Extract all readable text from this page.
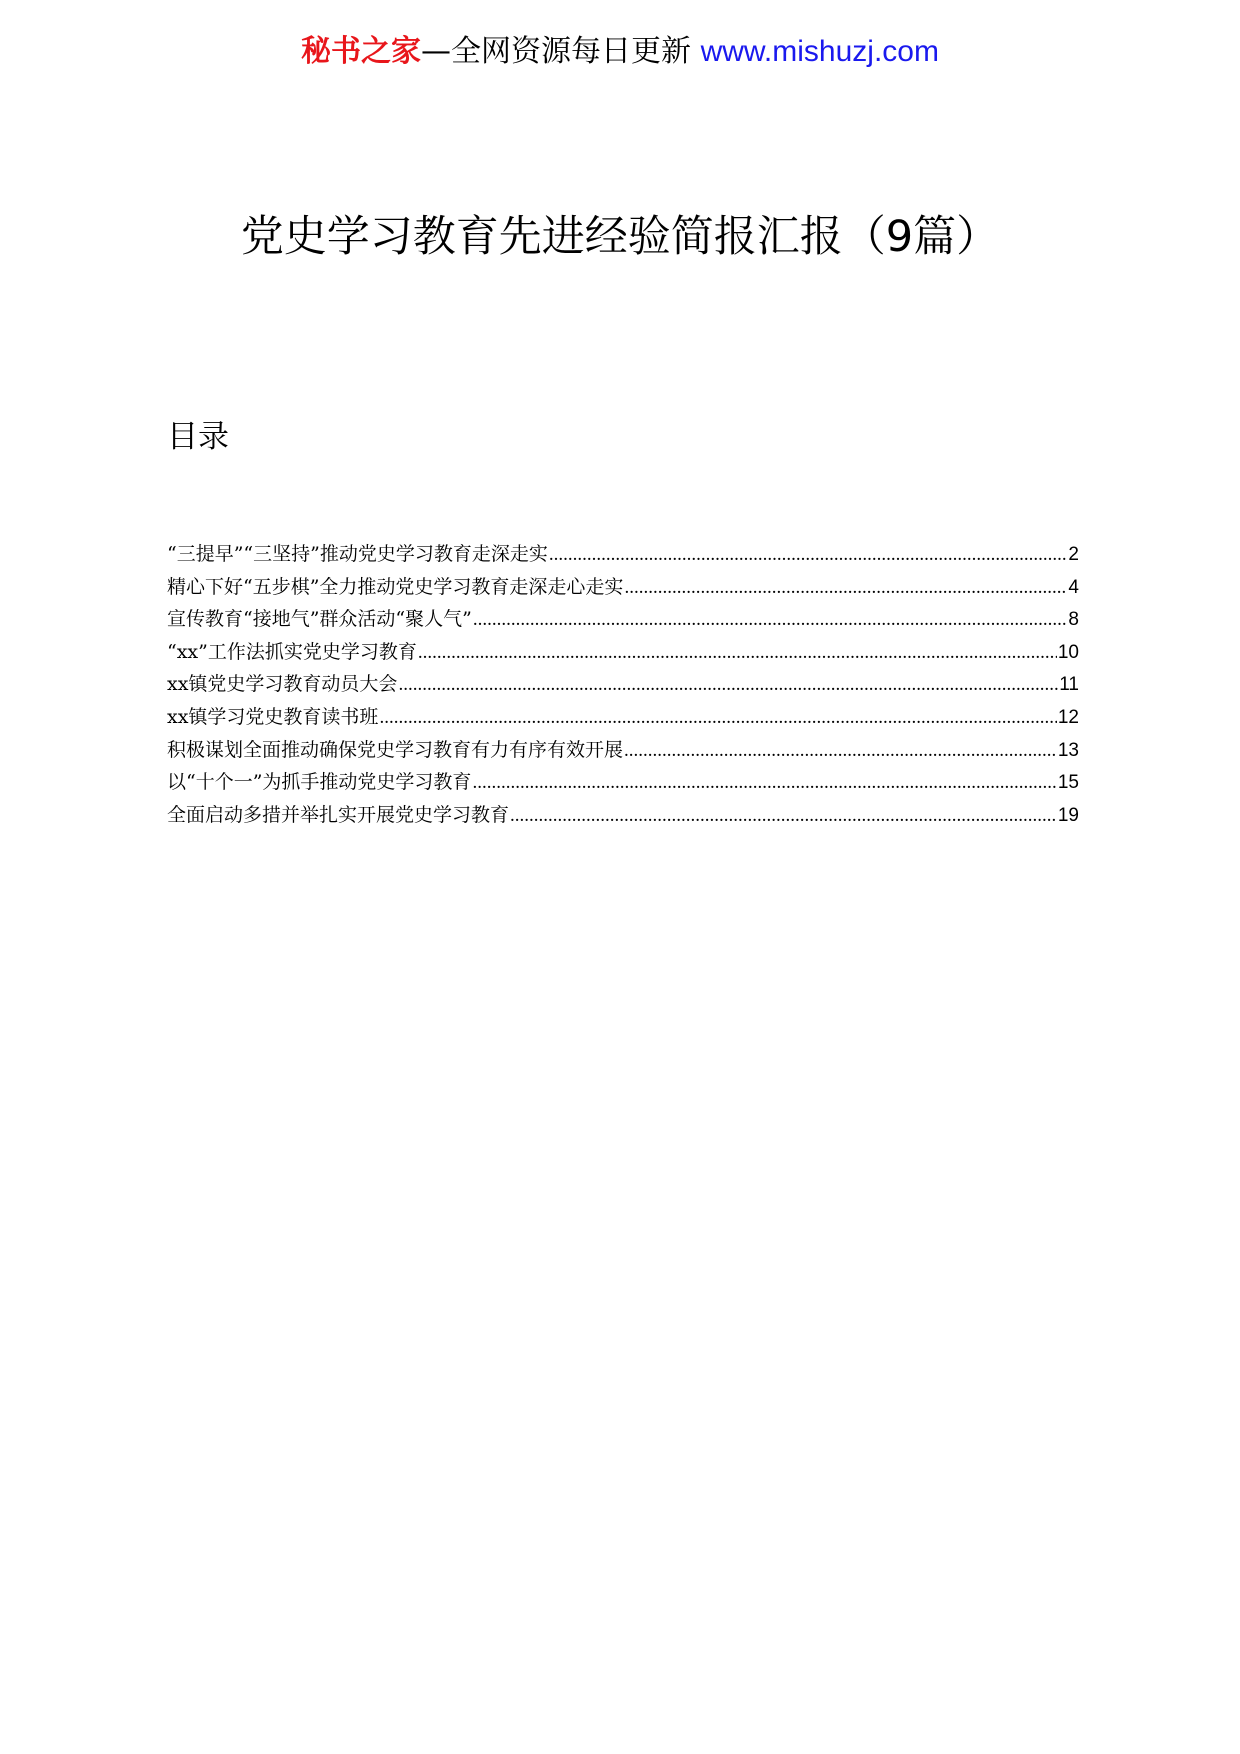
秘书之家—全网资源每日更新 www.mishuzj.com
党史学习教育先进经验简报汇报（9篇）
目录
“三提早”“三坚持”推动党史学习教育走深走实 .....	2
精心下好“五步棋”全力推动党史学习教育走深走心走实 .....	4
宣传教育“接地气”群众活动“聚人气” .....	8
“xx”工作法抓实党史学习教育 .....	10
xx镇党史学习教育动员大会 .....	11
xx镇学习党史教育读书班 .....	12
积极谋划全面推动确保党史学习教育有力有序有效开展 .....	13
以“十个一”为抓手推动党史学习教育 .....	15
全面启动多措并举扎实开展党史学习教育 .....	19
